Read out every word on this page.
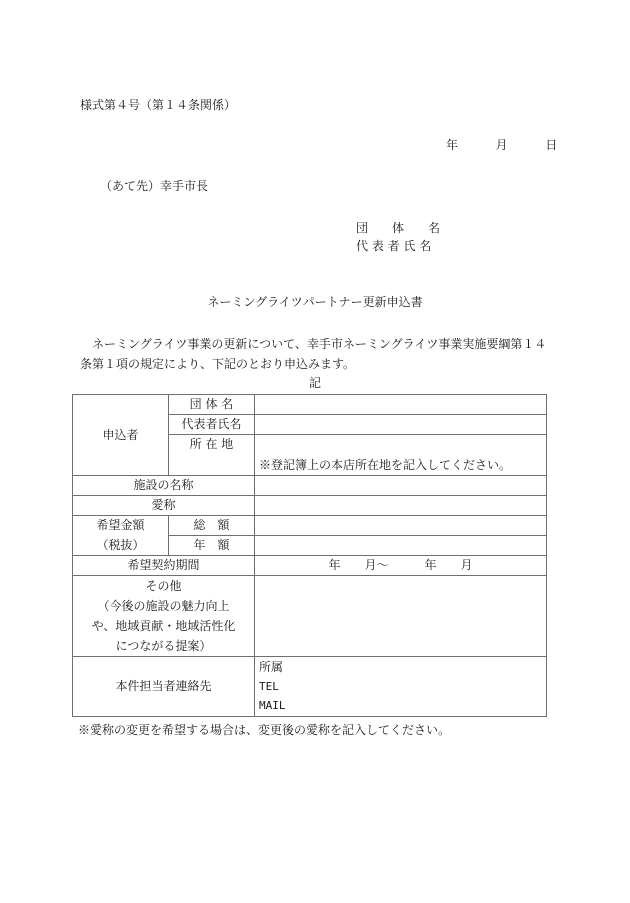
様式第４号（第１４条関係）
年	月	日
（あて先）幸手市長
団　　体　　名
代 表 者 氏 名
ネーミングライツパートナー更新申込書
　ネーミングライツ事業の更新について、幸手市ネーミングライツ事業実施要綱第１４条第１項の規定により、下記のとおり申込みます。
記
申込者	団 体 名	
	代表者氏名	
	所 在 地	※登記簿上の本店所在地を記入してください。
施設の名称		
愛称		
希望金額	総　額	
（税抜）	年　額	
希望契約期間		年　　月～　　　年　　月

その他
（今後の施設の魅力向上
や、地域貢献・地域活性化
につながる提案）		

本件担当者連絡先		所属
TEL
MAIL
※愛称の変更を希望する場合は、変更後の愛称を記入してください。
